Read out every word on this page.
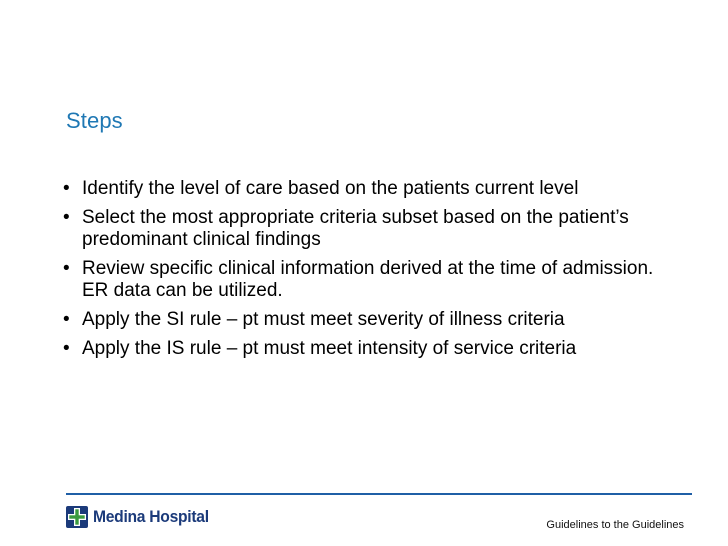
Steps
• Identify the level of care based on the patients current level
• Select the most appropriate criteria subset based on the patient’s predominant clinical findings
• Review specific clinical information derived at the time of admission. ER data can be utilized.
• Apply the SI rule – pt must meet severity of illness criteria
• Apply the IS rule – pt must meet intensity of service criteria
Medina Hospital	Guidelines to the Guidelines
